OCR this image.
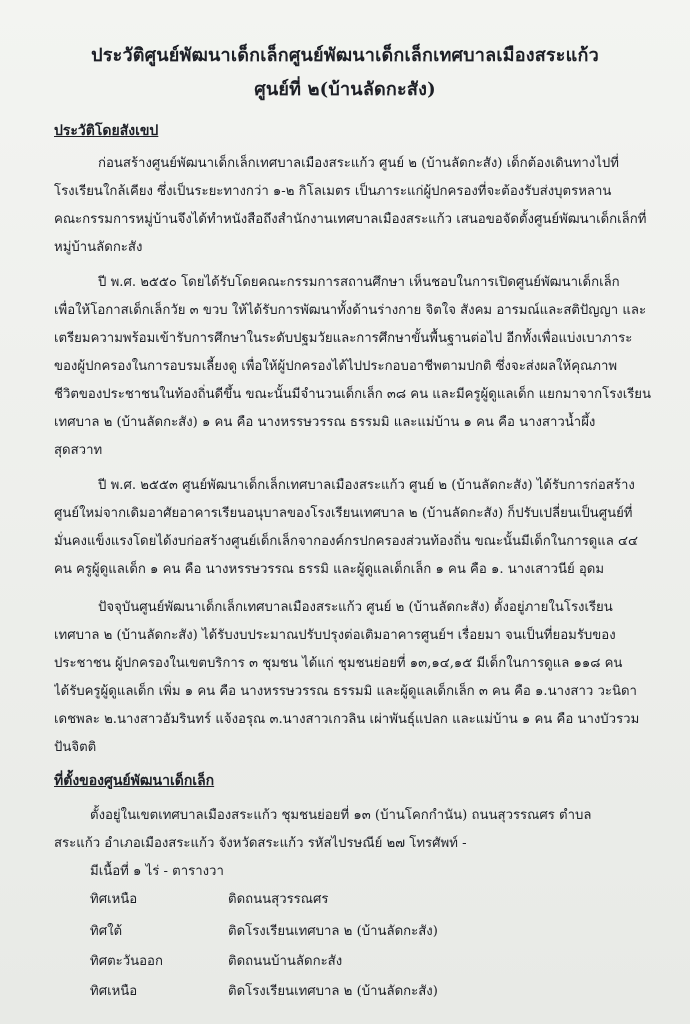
ประวัติศูนย์พัฒนาเด็กเล็กศูนย์พัฒนาเด็กเล็กเทศบาลเมืองสระแก้ว
ศูนย์ที่ ๒(บ้านลัดกะสัง)
ประวัติโดยสังเขป
ก่อนสร้างศูนย์พัฒนาเด็กเล็กเทศบาลเมืองสระแก้ว ศูนย์ ๒ (บ้านลัดกะสัง) เด็กต้องเดินทางไปที่
โรงเรียนใกล้เคียง ซึ่งเป็นระยะทางกว่า ๑-๒ กิโลเมตร เป็นภาระแก่ผู้ปกครองที่จะต้องรับส่งบุตรหลาน
คณะกรรมการหมู่บ้านจึงได้ทำหนังสือถึงสำนักงานเทศบาลเมืองสระแก้ว เสนอขอจัดตั้งศูนย์พัฒนาเด็กเล็กที่
หมู่บ้านลัดกะสัง
ปี พ.ศ. ๒๕๕๐ โดยได้รับโดยคณะกรรมการสถานศึกษา เห็นชอบในการเปิดศูนย์พัฒนาเด็กเล็ก
เพื่อให้โอกาสเด็กเล็กวัย ๓ ขวบ ให้ได้รับการพัฒนาทั้งด้านร่างกาย จิตใจ สังคม อารมณ์และสติปัญญา และ
เตรียมความพร้อมเข้ารับการศึกษาในระดับปฐมวัยและการศึกษาขั้นพื้นฐานต่อไป อีกทั้งเพื่อแบ่งเบาภาระ
ของผู้ปกครองในการอบรมเลี้ยงดู เพื่อให้ผู้ปกครองได้ไปประกอบอาชีพตามปกติ ซึ่งจะส่งผลให้คุณภาพ
ชีวิตของประชาชนในท้องถิ่นดีขึ้น ขณะนั้นมีจำนวนเด็กเล็ก ๓๘ คน และมีครูผู้ดูแลเด็ก แยกมาจากโรงเรียน
เทศบาล ๒ (บ้านลัดกะสัง) ๑ คน คือ นางหรรษวรรณ ธรรมมิ และแม่บ้าน ๑ คน คือ นางสาวน้ำผึ้ง
สุดสวาท
ปี พ.ศ. ๒๕๕๓ ศูนย์พัฒนาเด็กเล็กเทศบาลเมืองสระแก้ว ศูนย์ ๒ (บ้านลัดกะสัง) ได้รับการก่อสร้าง
ศูนย์ใหม่จากเดิมอาศัยอาคารเรียนอนุบาลของโรงเรียนเทศบาล ๒ (บ้านลัดกะสัง) ก็ปรับเปลี่ยนเป็นศูนย์ที่
มั่นคงแข็งแรงโดยได้งบก่อสร้างศูนย์เด็กเล็กจากองค์กรปกครองส่วนท้องถิ่น ขณะนั้นมีเด็กในการดูแล ๔๔
คน ครูผู้ดูแลเด็ก ๑ คน คือ นางหรรษวรรณ ธรรมิ และผู้ดูแลเด็กเล็ก ๑ คน คือ ๑. นางเสาวนีย์ อุดม
ปัจจุบันศูนย์พัฒนาเด็กเล็กเทศบาลเมืองสระแก้ว ศูนย์ ๒ (บ้านลัดกะสัง) ตั้งอยู่ภายในโรงเรียน
เทศบาล ๒ (บ้านลัดกะสัง) ได้รับงบประมาณปรับปรุงต่อเติมอาคารศูนย์ฯ เรื่อยมา จนเป็นที่ยอมรับของ
ประชาชน ผู้ปกครองในเขตบริการ ๓ ชุมชน ได้แก่ ชุมชนย่อยที่ ๑๓,๑๔,๑๕ มีเด็กในการดูแล ๑๑๘ คน
ได้รับครูผู้ดูแลเด็ก เพิ่ม ๑ คน คือ นางหรรษวรรณ ธรรมมิ และผู้ดูแลเด็กเล็ก ๓ คน คือ ๑.นางสาว วะนิดา
เดชพละ ๒.นางสาวอัมรินทร์ แจ้งอรุณ ๓.นางสาวเกวลิน เผ่าพันธุ์แปลก และแม่บ้าน ๑ คน คือ นางบัวรวม
ปันจิตติ
ที่ตั้งของศูนย์พัฒนาเด็กเล็ก
ตั้งอยู่ในเขตเทศบาลเมืองสระแก้ว ชุมชนย่อยที่ ๑๓ (บ้านโคกกำนัน) ถนนสุวรรณศร ตำบล
สระแก้ว อำเภอเมืองสระแก้ว จังหวัดสระแก้ว รหัสไปรษณีย์ ๒๗ โทรศัพท์ -
มีเนื้อที่ ๑ ไร่ - ตารางวา
ทิศเหนือ	ติดถนนสุวรรณศร
ทิศใต้	ติดโรงเรียนเทศบาล ๒ (บ้านลัดกะสัง)
ทิศตะวันออก	ติดถนนบ้านลัดกะสัง
ทิศเหนือ	ติดโรงเรียนเทศบาล ๒ (บ้านลัดกะสัง)
